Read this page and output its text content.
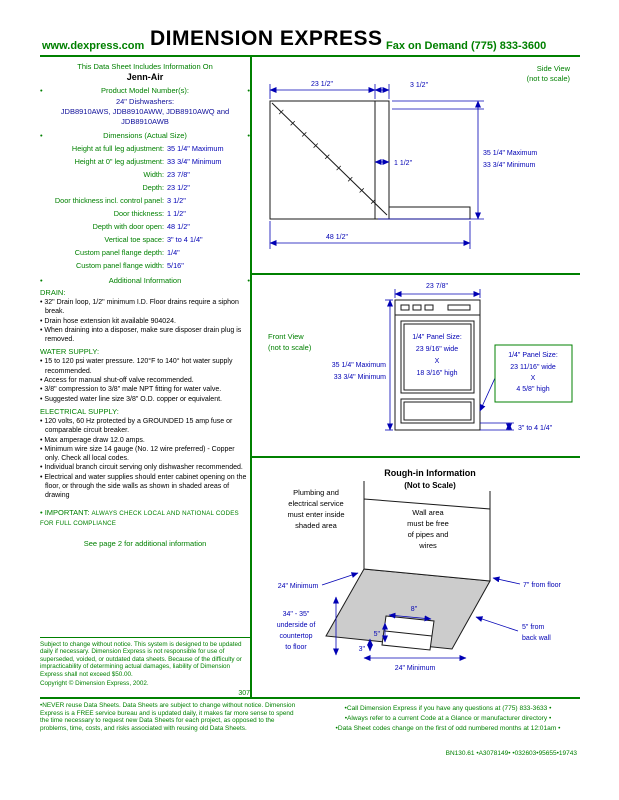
www.dexpress.com DIMENSION EXPRESS Fax on Demand (775) 833-3600
This Data Sheet Includes Information On
Jenn-Air
•	Product Model Number(s):	•
24" Dishwashers:
JDB8910AWS, JDB8910AWW, JDB8910AWQ and
JDB8910AWB
•	Dimensions (Actual Size)	•
Height at full leg adjustment: 35 1/4" Maximum
Height at 0" leg adjustment: 33 3/4" Minimum
Width: 23 7/8"
Depth: 23 1/2"
Door thickness incl. control panel: 3 1/2"
Door thickness: 1 1/2"
Depth with door open: 48 1/2"
Vertical toe space: 3" to 4 1/4"
Custom panel flange depth: 1/4"
Custom panel flange width: 5/16"
•	Additional Information	•
DRAIN:

• 32" Drain loop, 1/2" minimum I.D. Floor drains require a siphon break.

• Drain hose extension kit available 904024.

• When draining into a disposer, make sure disposer drain plug is removed.

WATER SUPPLY:

• 15 to 120 psi water pressure. 120°F to 140° hot water supply recommended.

• Access for manual shut-off valve recommended.

• 3/8" compression to 3/8" male NPT fitting for water valve.

• Suggested water line size 3/8" O.D. copper or equivalent.

ELECTRICAL SUPPLY:

• 120 volts, 60 Hz protected by a GROUNDED 15 amp fuse or comparable circuit breaker.

• Max amperage draw 12.0 amps.

• Minimum wire size 14 gauge (No. 12 wire preferred) - Copper only. Check all local codes.

• Individual branch circuit serving only dishwasher recommended.

• Electrical and water supplies should enter cabinet opening on the floor, or through the side walls as shown in shaded areas of drawing

• IMPORTANT: ALWAYS CHECK LOCAL AND NATIONAL CODES FOR FULL COMPLIANCE
See page 2 for additional information
Subject to change without notice. This system is designed to be updated daily if necessary. Dimension Express is not responsible for use of superseded, voided, or outdated data sheets. Because of the difficulty or impracticability of determining actual damages, liability of Dimension Express shall not exceed $50.00.
Copyright © Dimension Express, 2002.
307
Side View
(not to scale)
23 1/2"	3 1/2"
35 1/4" Maximum
33 3/4" Minimum
1 1/2"
48 1/2"
23 7/8"
Front View
(not to scale)
35 1/4" Maximum
33 3/4" Minimum
1/4" Panel Size:
23 9/16" wide
X
18 3/16" high
1/4" Panel Size:
23 11/16" wide
X
4 5/8" high
3" to 4 1/4"
Rough-in Information
(Not to Scale)
Plumbing and
electrical service
must enter inside
shaded area
Wall area
must be free
of pipes and
wires
24" Minimum	7" from floor
34" - 35"
underside of
countertop
to floor
8"
5"
3"
5" from
back wall
24" Minimum
•NEVER reuse Data Sheets. Data Sheets are subject to change without notice. Dimension Express is a FREE service bureau and is updated daily, it makes far more sense to spend the time necessary to request new Data Sheets for each project, as opposed to the problems, time, costs, and risks associated with reusing old Data Sheets.
•Call Dimension Express if you have any questions at (775) 833-3633 •
•Always refer to a current Code at a Glance or manufacturer directory •
•Data Sheet codes change on the first of odd numbered months at 12:01am •
BN130.61 •A3078149• •032603•95655•19743
